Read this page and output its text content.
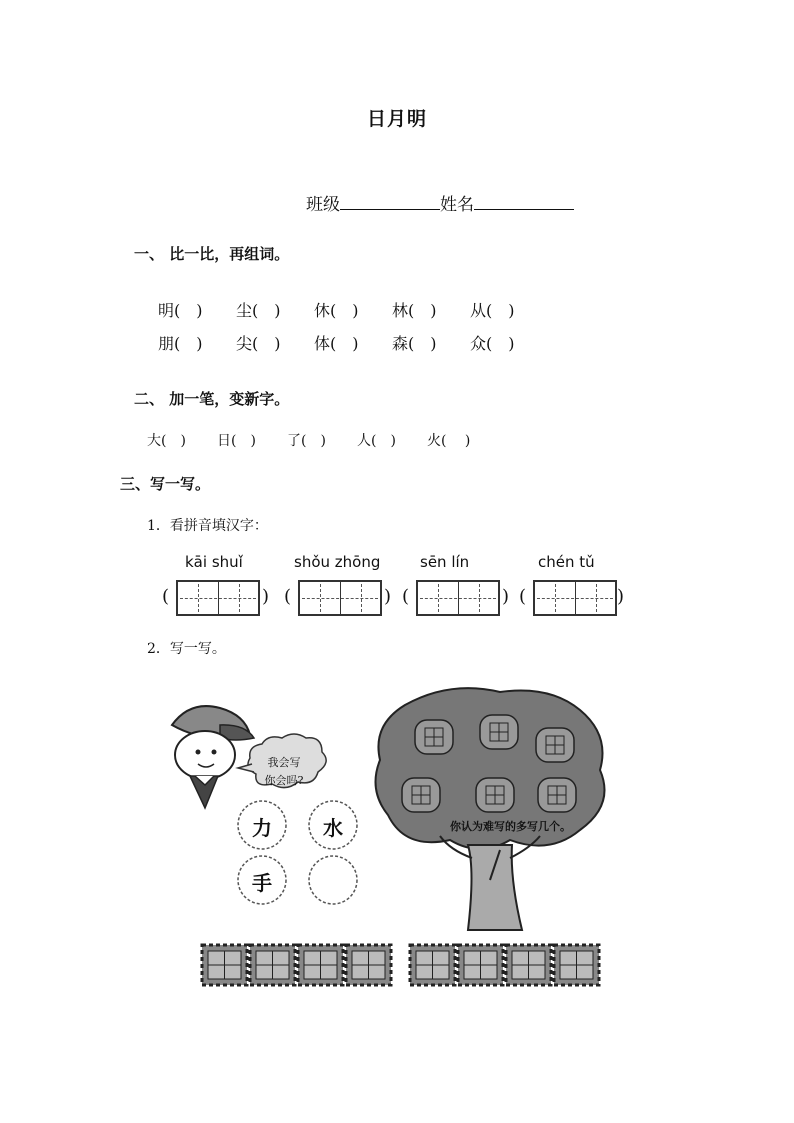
日月明
班级	姓名
一、 比一比，再组词。
明(　) 尘(　) 休(　) 林(　) 从(　)
朋(　) 尖(　) 体(　) 森(　) 众(　)
二、 加一笔，变新字。
大(　) 日(　) 了(　) 人(　) 火(　 )
三、写一写。
1．看拼音填汉字：
kāi shuǐ	shǒu zhōng	sēn lín	chén tǔ
(	) (	) (	) (	)
2．写一写。
我会写
你会吗?
力	水
手
你认为难写的多写几个。
